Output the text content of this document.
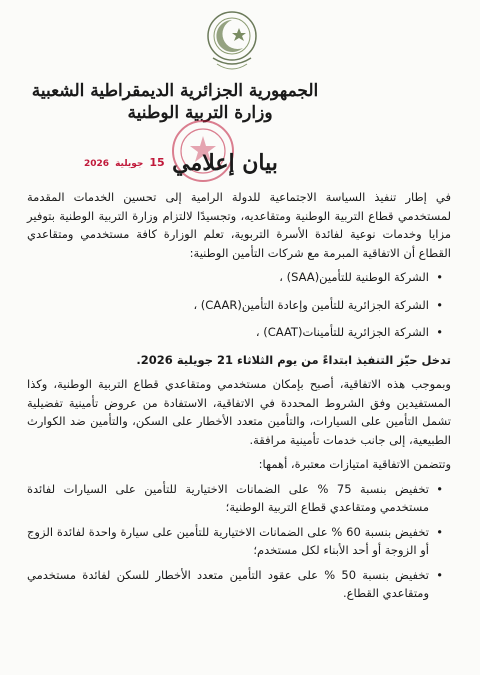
الجمهورية الجزائرية الديمقراطية الشعبية
وزارة التربية الوطنية
2026 جويلية 15 بيان إعلامي

في إطار تنفيذ السياسة الاجتماعية للدولة الرامية إلى تحسين الخدمات المقدمة لمستخدمي قطاع التربية الوطنية ومتقاعديه، وتجسيدًا لالتزام وزارة التربية الوطنية بتوفير مزايا وخدمات نوعية لفائدة الأسرة التربوية، تعلم الوزارة كافة مستخدمي ومتقاعدي القطاع أن الاتفاقية المبرمة مع شركات التأمين الوطنية:

• الشركة الوطنية للتأمين(SAA) ،
• الشركة الجزائرية للتأمين وإعادة التأمين(CAAR) ،
• الشركة الجزائرية للتأمينات(CAAT) ،

تدخل حيّز التنفيذ ابتداءً من يوم الثلاثاء 21 جويلية 2026.

وبموجب هذه الاتفاقية، أصبح بإمكان مستخدمي ومتقاعدي قطاع التربية الوطنية، وكذا المستفيدين وفق الشروط المحددة في الاتفاقية، الاستفادة من عروض تأمينية تفضيلية تشمل التأمين على السيارات، والتأمين متعدد الأخطار على السكن، والتأمين ضد الكوارث الطبيعية، إلى جانب خدمات تأمينية مرافقة.

وتتضمن الاتفاقية امتيازات معتبرة، أهمها:

• تخفيض بنسبة 75 % على الضمانات الاختيارية للتأمين على السيارات لفائدة مستخدمي ومتقاعدي قطاع التربية الوطنية؛
• تخفيض بنسبة 60 % على الضمانات الاختيارية للتأمين على سيارة واحدة لفائدة الزوج أو الزوجة أو أحد الأبناء لكل مستخدم؛
• تخفيض بنسبة 50 % على عقود التأمين متعدد الأخطار للسكن لفائدة مستخدمي ومتقاعدي القطاع.
